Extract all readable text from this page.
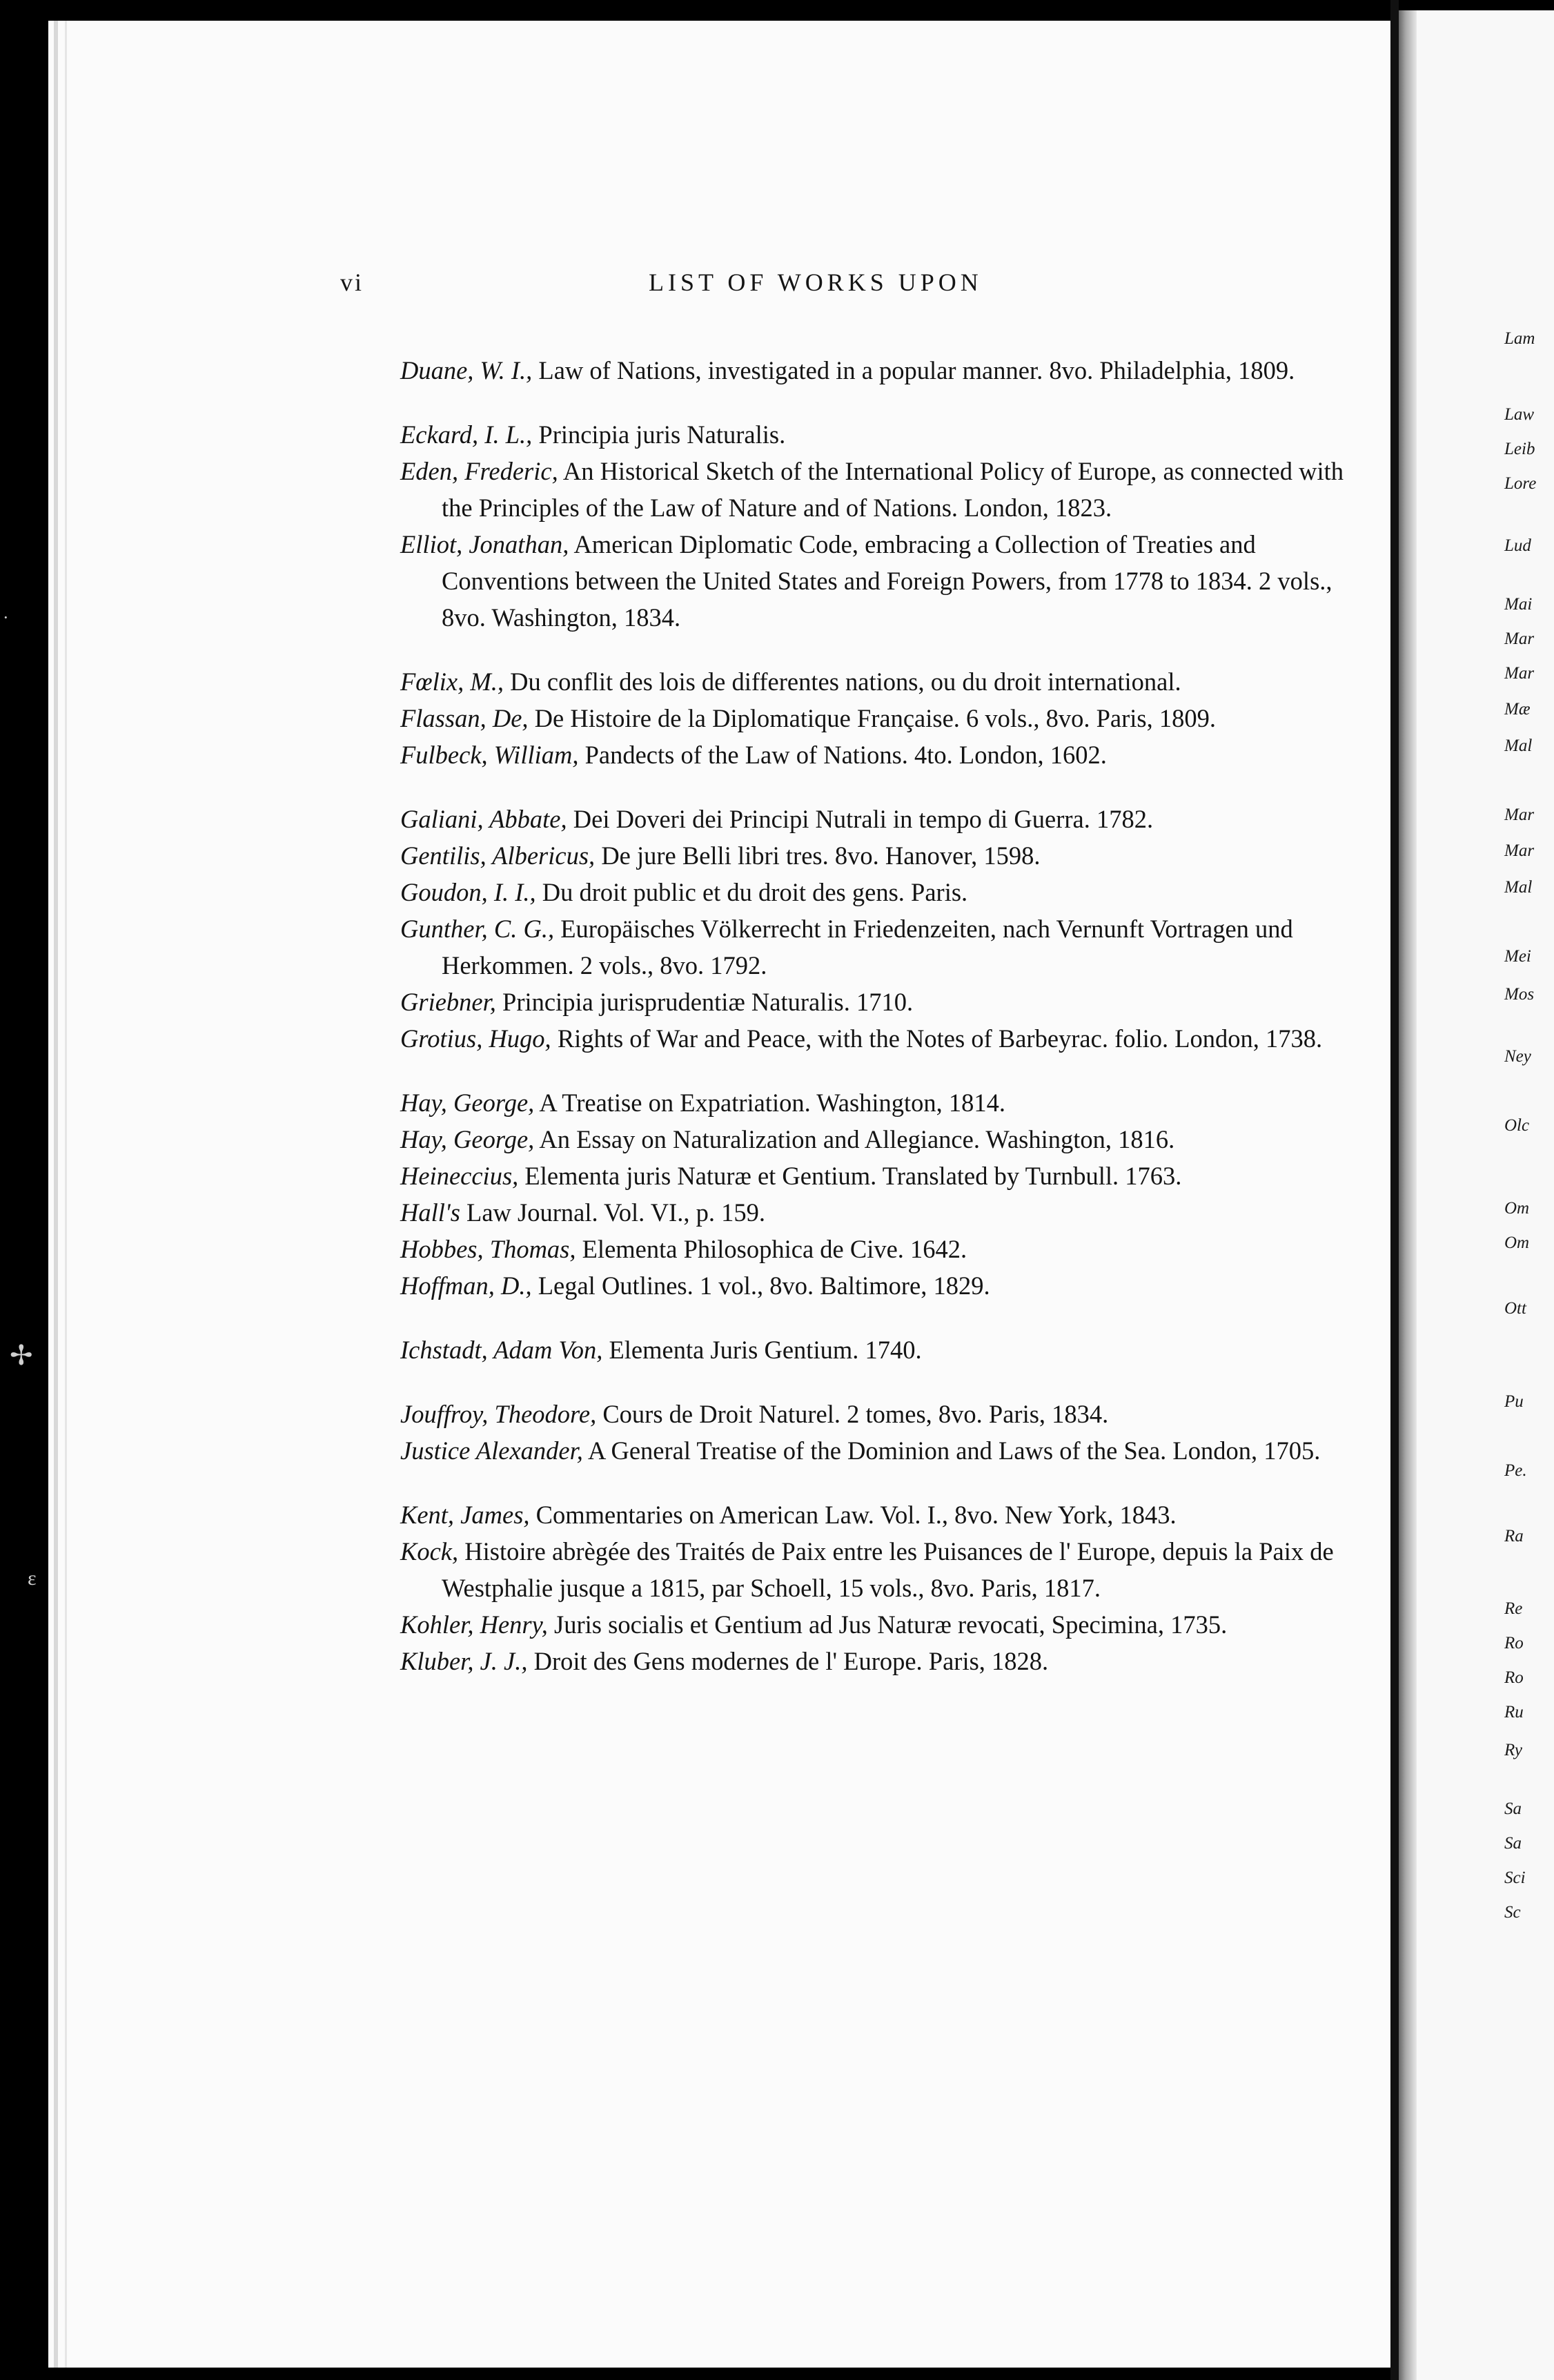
vi	LIST OF WORKS UPON
Duane, W. I., Law of Nations, investigated in a popular manner. 8vo. Philadelphia, 1809.
Eckard, I. L., Principia juris Naturalis.
Eden, Frederic, An Historical Sketch of the International Policy of Europe, as connected with the Principles of the Law of Nature and of Nations. London, 1823.
Elliot, Jonathan, American Diplomatic Code, embracing a Collection of Treaties and Conventions between the United States and Foreign Powers, from 1778 to 1834. 2 vols., 8vo. Washington, 1834.
Fœlix, M., Du conflit des lois de differentes nations, ou du droit international.
Flassan, De, De Histoire de la Diplomatique Française. 6 vols., 8vo. Paris, 1809.
Fulbeck, William, Pandects of the Law of Nations. 4to. London, 1602.
Galiani, Abbate, Dei Doveri dei Principi Nutrali in tempo di Guerra. 1782.
Gentilis, Albericus, De jure Belli libri tres. 8vo. Hanover, 1598.
Goudon, I. I., Du droit public et du droit des gens. Paris.
Gunther, C. G., Europäisches Völkerrecht in Friedenzeiten, nach Vernunft Vortragen und Herkommen. 2 vols., 8vo. 1792.
Griebner, Principia jurisprudentiæ Naturalis. 1710.
Grotius, Hugo, Rights of War and Peace, with the Notes of Barbeyrac. folio. London, 1738.
Hay, George, A Treatise on Expatriation. Washington, 1814.
Hay, George, An Essay on Naturalization and Allegiance. Washington, 1816.
Heineccius, Elementa juris Naturæ et Gentium. Translated by Turnbull. 1763.
Hall's Law Journal. Vol. VI., p. 159.
Hobbes, Thomas, Elementa Philosophica de Cive. 1642.
Hoffman, D., Legal Outlines. 1 vol., 8vo. Baltimore, 1829.
Ichstadt, Adam Von, Elementa Juris Gentium. 1740.
Jouffroy, Theodore, Cours de Droit Naturel. 2 tomes, 8vo. Paris, 1834.
Justice Alexander, A General Treatise of the Dominion and Laws of the Sea. London, 1705.
Kent, James, Commentaries on American Law. Vol. I., 8vo. New York, 1843.
Kock, Histoire abrègée des Traités de Paix entre les Puisances de l' Europe, depuis la Paix de Westphalie jusque a 1815, par Schoell, 15 vols., 8vo. Paris, 1817.
Kohler, Henry, Juris socialis et Gentium ad Jus Naturæ revocati, Specimina, 1735.
Kluber, J. J., Droit des Gens modernes de l' Europe. Paris, 1828.
Lam
Law
Leib
Lore
Lud
Mai
Mar
Mar
Mæ
Mal
Mar
Mar
Mal
Mei
Mos
Ney
Olc
Om
Om
Ott
Pu
Pe.
Ra
Re
Ro
Ro
Ru
Ry
Sa
Sa
Sci
Sc
·
✢
ɛ
